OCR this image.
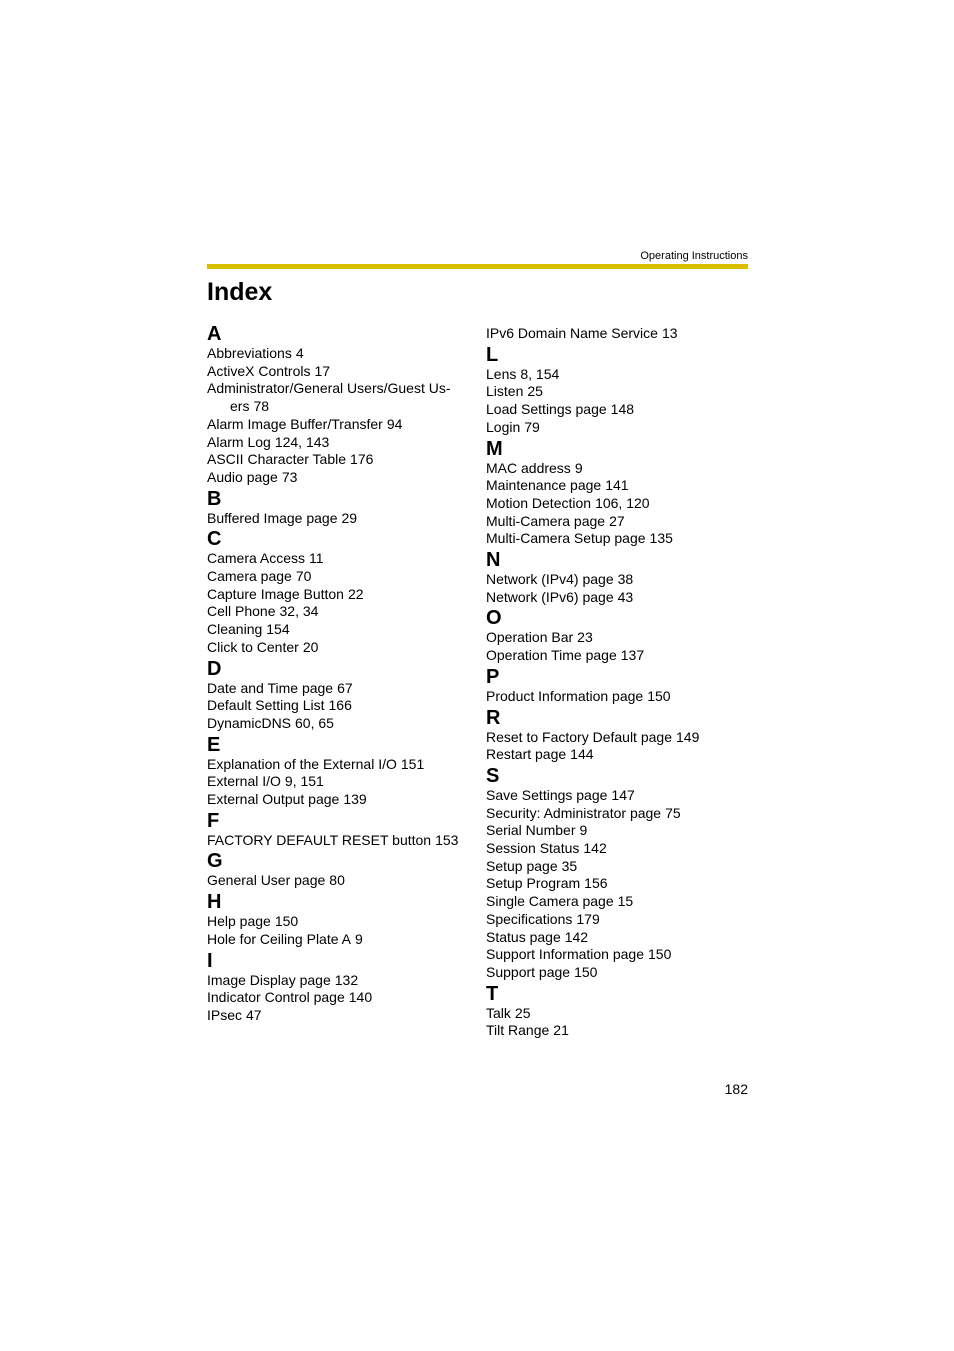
Operating Instructions
Index
A
Abbreviations 4
ActiveX Controls 17
Administrator/General Users/Guest Us- ers 78
Alarm Image Buffer/Transfer 94
Alarm Log 124, 143
ASCII Character Table 176
Audio page 73
B
Buffered Image page 29
C
Camera Access 11
Camera page 70
Capture Image Button 22
Cell Phone 32, 34
Cleaning 154
Click to Center 20
D
Date and Time page 67
Default Setting List 166
DynamicDNS 60, 65
E
Explanation of the External I/O 151
External I/O 9, 151
External Output page 139
F
FACTORY DEFAULT RESET button 153
G
General User page 80
H
Help page 150
Hole for Ceiling Plate A 9
I
Image Display page 132
Indicator Control page 140
IPsec 47
IPv6 Domain Name Service 13
L
Lens 8, 154
Listen 25
Load Settings page 148
Login 79
M
MAC address 9
Maintenance page 141
Motion Detection 106, 120
Multi-Camera page 27
Multi-Camera Setup page 135
N
Network (IPv4) page 38
Network (IPv6) page 43
O
Operation Bar 23
Operation Time page 137
P
Product Information page 150
R
Reset to Factory Default page 149
Restart page 144
S
Save Settings page 147
Security: Administrator page 75
Serial Number 9
Session Status 142
Setup page 35
Setup Program 156
Single Camera page 15
Specifications 179
Status page 142
Support Information page 150
Support page 150
T
Talk 25
Tilt Range 21
182
